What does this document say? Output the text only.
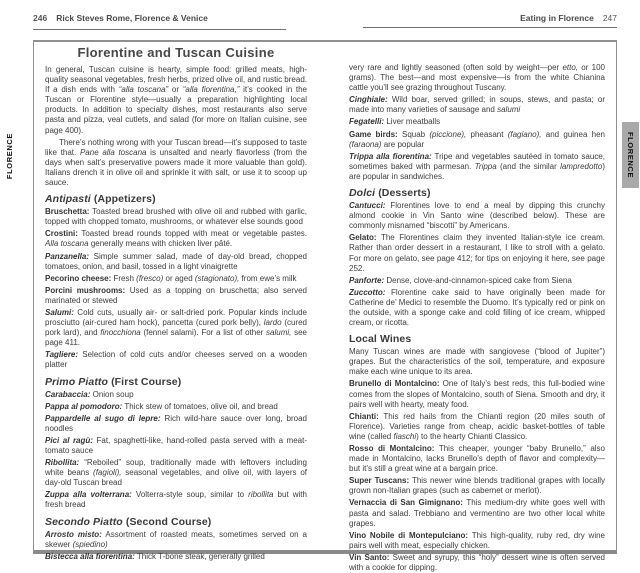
246 Rick Steves Rome, Florence & Venice	Eating in Florence 247
Florentine and Tuscan Cuisine

In general, Tuscan cuisine is hearty, simple food: grilled meats, high-quality seasonal vegetables, fresh herbs, prized olive oil, and rustic bread. If a dish ends with “alla toscana” or “alla fiorentina,” it’s cooked in the Tuscan or Florentine style—usually a preparation highlighting local products. In addition to specialty dishes, most restaurants also serve pasta and pizza, veal cutlets, and salad (for more on Italian cuisine, see page 400).

There’s nothing wrong with your Tuscan bread—it’s supposed to taste like that. Pane alla toscana is unsalted and nearly flavorless (from the days when salt’s preservative powers made it more valuable than gold). Italians drench it in olive oil and sprinkle it with salt, or use it to scoop up sauce.

Antipasti (Appetizers)

Bruschetta: Toasted bread brushed with olive oil and rubbed with garlic, topped with chopped tomato, mushrooms, or whatever else sounds good

Crostini: Toasted bread rounds topped with meat or vegetable pastes. Alla toscana generally means with chicken liver pâté.

Panzanella: Simple summer salad, made of day-old bread, chopped tomatoes, onion, and basil, tossed in a light vinaigrette

Pecorino cheese: Fresh (fresco) or aged (stagionato), from ewe’s milk

Porcini mushrooms: Used as a topping on bruschetta; also served marinated or stewed

Salumi: Cold cuts, usually air- or salt-dried pork. Popular kinds include prosciutto (air-cured ham hock), pancetta (cured pork belly), lardo (cured pork lard), and finocchiona (fennel salami). For a list of other salumi, see page 411.

Tagliere: Selection of cold cuts and/or cheeses served on a wooden platter

Primo Piatto (First Course)

Carabaccia: Onion soup

Pappa al pomodoro: Thick stew of tomatoes, olive oil, and bread

Pappardelle al sugo di lepre: Rich wild-hare sauce over long, broad noodles

Pici al ragù: Fat, spaghetti-like, hand-rolled pasta served with a meat-tomato sauce

Ribollita: “Reboiled” soup, traditionally made with leftovers including white beans (fagioli), seasonal vegetables, and olive oil, with layers of day-old Tuscan bread

Zuppa alla volterrana: Volterra-style soup, similar to ribollita but with fresh bread

Secondo Piatto (Second Course)

Arrosto misto: Assortment of roasted meats, sometimes served on a skewer (spiedino)

Bistecca alla fiorentina: Thick T-bone steak, generally grilled

very rare and lightly seasoned (often sold by weight—per etto, or 100 grams). The best—and most expensive—is from the white Chianina cattle you’ll see grazing throughout Tuscany.

Cinghiale: Wild boar, served grilled; in soups, stews, and pasta; or made into many varieties of sausage and salumi

Fegatelli: Liver meatballs

Game birds: Squab (piccione), pheasant (fagiano), and guinea hen (faraona) are popular

Trippa alla fiorentina: Tripe and vegetables sautéed in tomato sauce, sometimes baked with parmesan. Trippa (and the similar lampredotto) are popular in sandwiches.

Dolci (Desserts)

Cantucci: Florentines love to end a meal by dipping this crunchy almond cookie in Vin Santo wine (described below). These are commonly misnamed “biscotti” by Americans.

Gelato: The Florentines claim they invented Italian-style ice cream. Rather than order dessert in a restaurant, I like to stroll with a gelato. For more on gelato, see page 412; for tips on enjoying it here, see page 252.

Panforte: Dense, clove-and-cinnamon-spiced cake from Siena

Zuccotto: Florentine cake said to have originally been made for Catherine de’ Medici to resemble the Duomo. It’s typically red or pink on the outside, with a sponge cake and cold filling of ice cream, whipped cream, or ricotta.

Local Wines

Many Tuscan wines are made with sangiovese (“blood of Jupiter”) grapes. But the characteristics of the soil, temperature, and exposure make each wine unique to its area.

Brunello di Montalcino: One of Italy’s best reds, this full-bodied wine comes from the slopes of Montalcino, south of Siena. Smooth and dry, it pairs well with hearty, meaty food.

Chianti: This red hails from the Chianti region (20 miles south of Florence). Varieties range from cheap, acidic basket-bottles of table wine (called fiaschi) to the hearty Chianti Classico.

Rosso di Montalcino: This cheaper, younger “baby Brunello,” also made in Montalcino, lacks Brunello’s depth of flavor and complexity—but it’s still a great wine at a bargain price.

Super Tuscans: This newer wine blends traditional grapes with locally grown non-Italian grapes (such as cabernet or merlot).

Vernaccia di San Gimignano: This medium-dry white goes well with pasta and salad. Trebbiano and vermentino are two other local white grapes.

Vino Nobile di Montepulciano: This high-quality, ruby red, dry wine pairs well with meat, especially chicken.

Vin Santo: Sweet and syrupy, this “holy” dessert wine is often served with a cookie for dipping.

FLORENCE	FLORENCE
